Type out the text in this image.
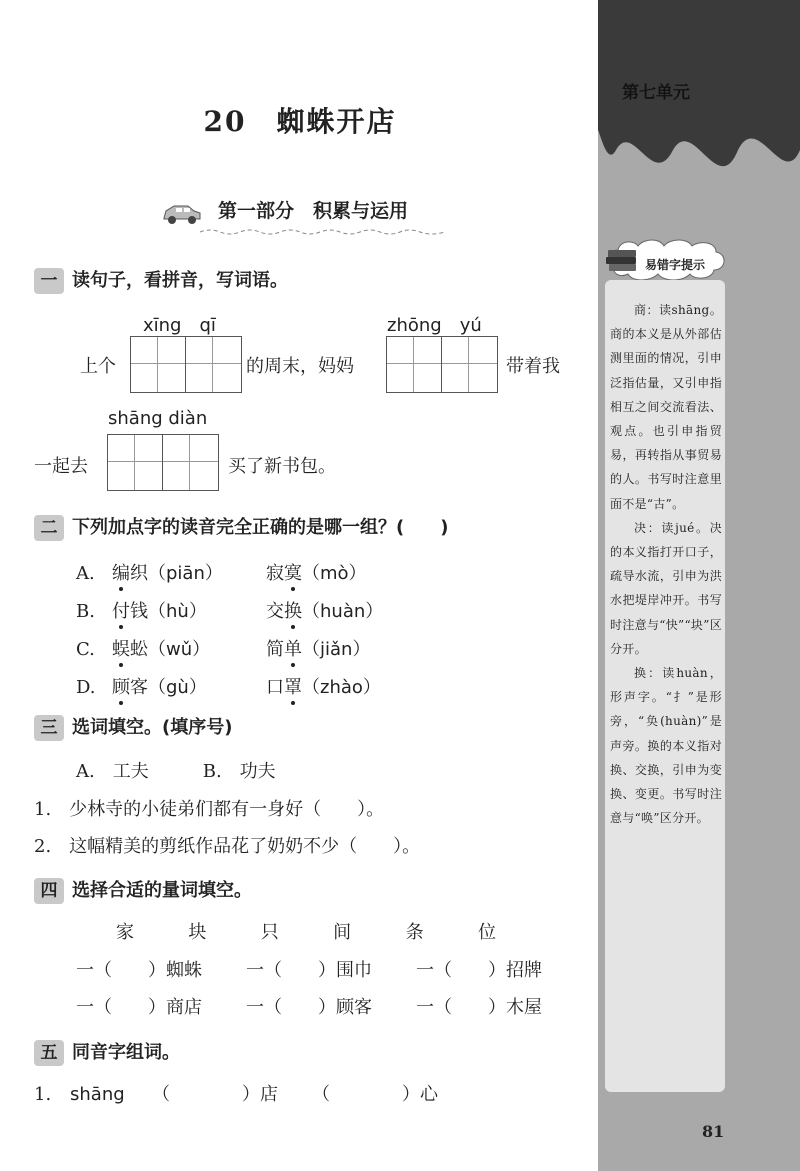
第七单元
易错字提示

商：读shāng。商的本义是从外部估测里面的情况，引申泛指估量，又引申指相互之间交流看法、观点。也引申指贸易，再转指从事贸易的人。书写时注意里面不是“古”。

决：读jué。决的本义指打开口子，疏导水流，引申为洪水把堤岸冲开。书写时注意与“快”“块”区分开。

换：读huàn，形声字。“扌”是形旁，“奂(huàn)”是声旁。换的本义指对换、交换，引申为变换、变更。书写时注意与“唤”区分开。

81
20　蜘蛛开店
第一部分　积累与运用
一 读句子，看拼音，写词语。
xīng　qī	zhōng　yú
上个	的周末，妈妈	带着我
shāng diàn
一起去	买了新书包。
二 下列加点字的读音完全正确的是哪一组？(　　)
A. 编织（piān） 寂寞（mò）
B. 付钱（hù）	交换（huàn）
C. 蜈蚣（wǔ）	简单（jiǎn）
D. 顾客（gù）	口罩（zhào）
三 选词填空。(填序号)
A.　工夫　　　B.　功夫
1.　少林寺的小徒弟们都有一身好（　　）。
2.　这幅精美的剪纸作品花了奶奶不少（　　）。
四 选择合适的量词填空。
家	块	只	间	条	位
一（　　）蜘蛛 一（　　）围巾 一（　　）招牌
一（　　）商店 一（　　）顾客 一（　　）木屋
五 同音字组词。
1. shāng （　　　　）店 （　　　　）心
